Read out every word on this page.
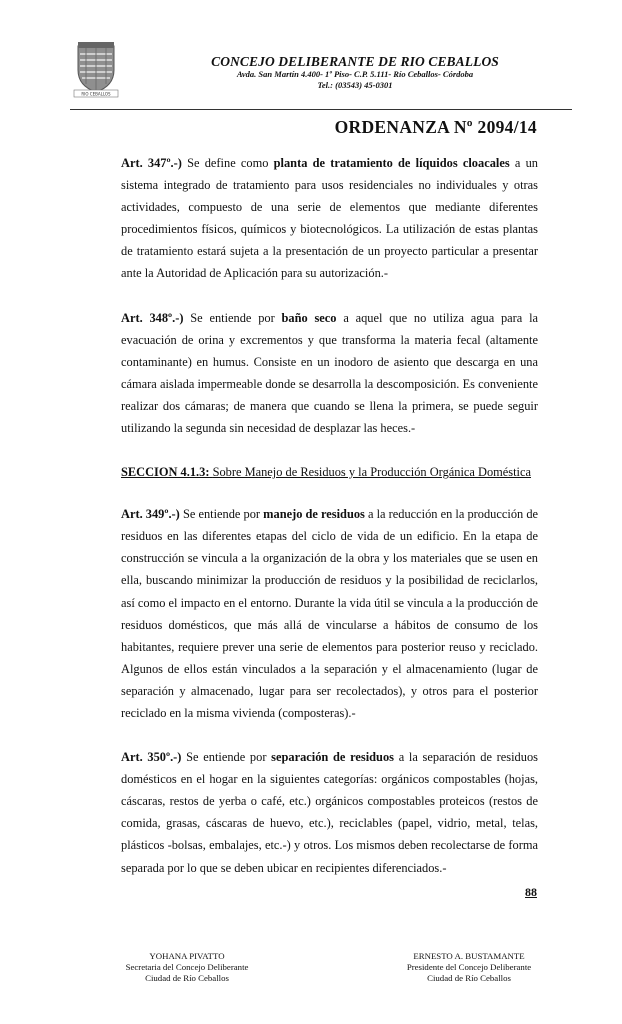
RIO CEBALLOS
CONCEJO DELIBERANTE DE RIO CEBALLOS
Avda. San Martín 4.400- 1º Piso- C.P. 5.111- Río Ceballos- Córdoba
Tel.: (03543) 45-0301
ORDENANZA Nº 2094/14

Art. 347º.-) Se define como planta de tratamiento de líquidos cloacales a un sistema integrado de tratamiento para usos residenciales no individuales y otras actividades, compuesto de una serie de elementos que mediante diferentes procedimientos físicos, químicos y biotecnológicos. La utilización de estas plantas de tratamiento estará sujeta a la presentación de un proyecto particular a presentar ante la Autoridad de Aplicación para su autorización.-

Art. 348º.-) Se entiende por baño seco a aquel que no utiliza agua para la evacuación de orina y excrementos y que transforma la materia fecal (altamente contaminante) en humus. Consiste en un inodoro de asiento que descarga en una cámara aislada impermeable donde se desarrolla la descomposición. Es conveniente realizar dos cámaras; de manera que cuando se llena la primera, se puede seguir utilizando la segunda sin necesidad de desplazar las heces.-

SECCION 4.1.3: Sobre Manejo de Residuos y la Producción Orgánica Doméstica

Art. 349º.-) Se entiende por manejo de residuos a la reducción en la producción de residuos en las diferentes etapas del ciclo de vida de un edificio. En la etapa de construcción se vincula a la organización de la obra y los materiales que se usen en ella, buscando minimizar la producción de residuos y la posibilidad de reciclarlos, así como el impacto en el entorno. Durante la vida útil se vincula a la producción de residuos domésticos, que más allá de vincularse a hábitos de consumo de los habitantes, requiere prever una serie de elementos para posterior reuso y reciclado. Algunos de ellos están vinculados a la separación y el almacenamiento (lugar de separación y almacenado, lugar para ser recolectados), y otros para el posterior reciclado en la misma vivienda (composteras).-

Art. 350º.-) Se entiende por separación de residuos a la separación de residuos domésticos en el hogar en la siguientes categorías: orgánicos compostables (hojas, cáscaras, restos de yerba o café, etc.) orgánicos compostables proteicos (restos de comida, grasas, cáscaras de huevo, etc.), reciclables (papel, vidrio, metal, telas, plásticos -bolsas, embalajes, etc.-) y otros. Los mismos deben recolectarse de forma separada por lo que se deben ubicar en recipientes diferenciados.-

88
YOHANA PIVATTO
Secretaria del Concejo Deliberante
Ciudad de Río Ceballos
ERNESTO A. BUSTAMANTE
Presidente del Concejo Deliberante
Ciudad de Río Ceballos
